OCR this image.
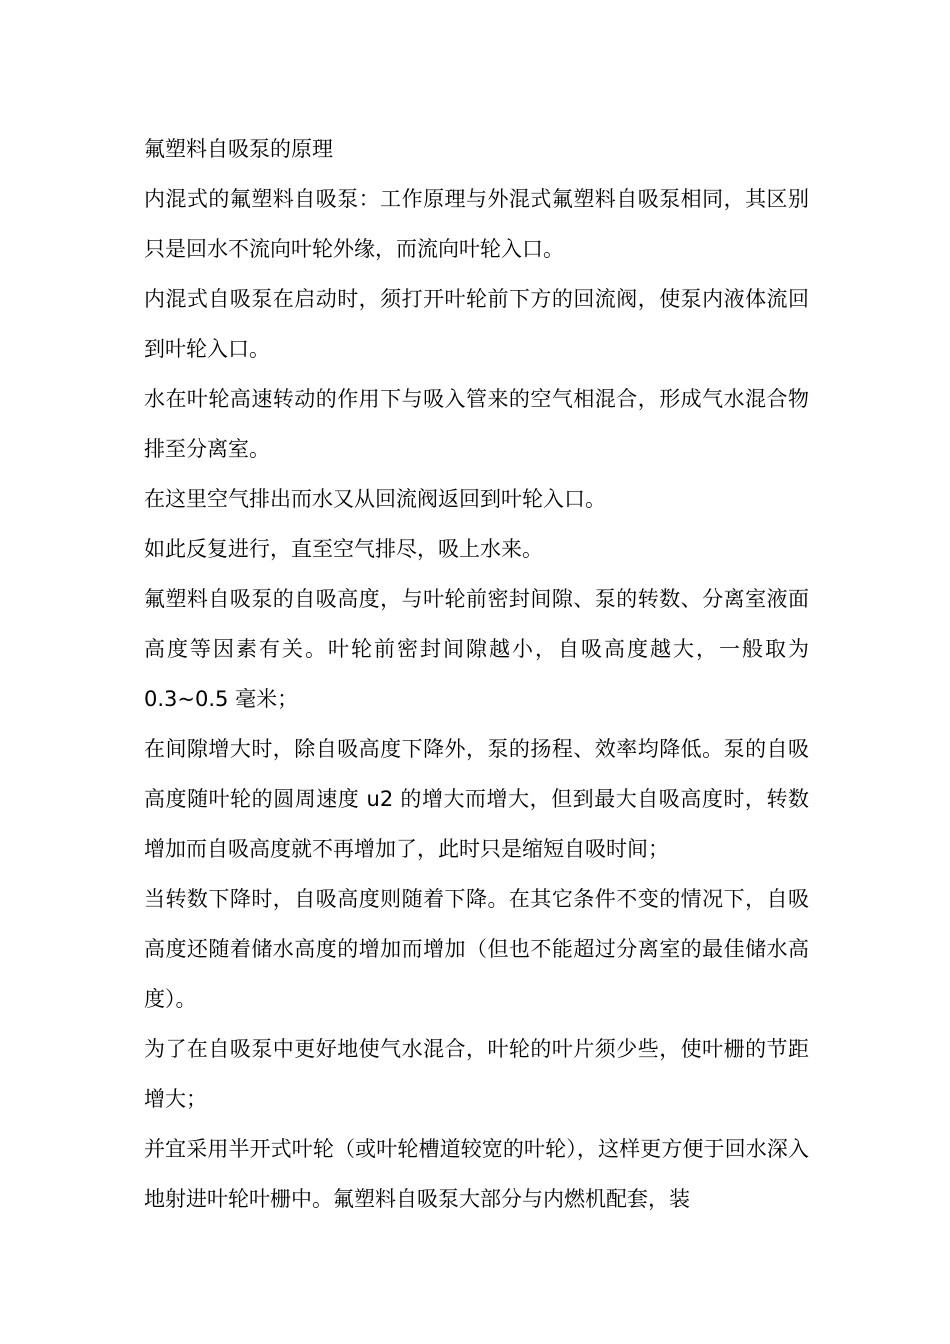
氟塑料自吸泵的原理

内混式的氟塑料自吸泵：工作原理与外混式氟塑料自吸泵相同，其区别只是回水不流向叶轮外缘，而流向叶轮入口。

内混式自吸泵在启动时，须打开叶轮前下方的回流阀，使泵内液体流回到叶轮入口。

水在叶轮高速转动的作用下与吸入管来的空气相混合，形成气水混合物排至分离室。

在这里空气排出而水又从回流阀返回到叶轮入口。

如此反复进行，直至空气排尽，吸上水来。

氟塑料自吸泵的自吸高度，与叶轮前密封间隙、泵的转数、分离室液面高度等因素有关。叶轮前密封间隙越小，自吸高度越大，一般取为 0.3~0.5 毫米；

在间隙增大时，除自吸高度下降外，泵的扬程、效率均降低。泵的自吸高度随叶轮的圆周速度 u2 的增大而增大，但到最大自吸高度时，转数增加而自吸高度就不再增加了，此时只是缩短自吸时间；

当转数下降时，自吸高度则随着下降。在其它条件不变的情况下，自吸高度还随着储水高度的增加而增加（但也不能超过分离室的最佳储水高度）。

为了在自吸泵中更好地使气水混合，叶轮的叶片须少些，使叶栅的节距增大；

并宜采用半开式叶轮（或叶轮槽道较宽的叶轮），这样更方便于回水深入地射进叶轮叶栅中。氟塑料自吸泵大部分与内燃机配套，装
